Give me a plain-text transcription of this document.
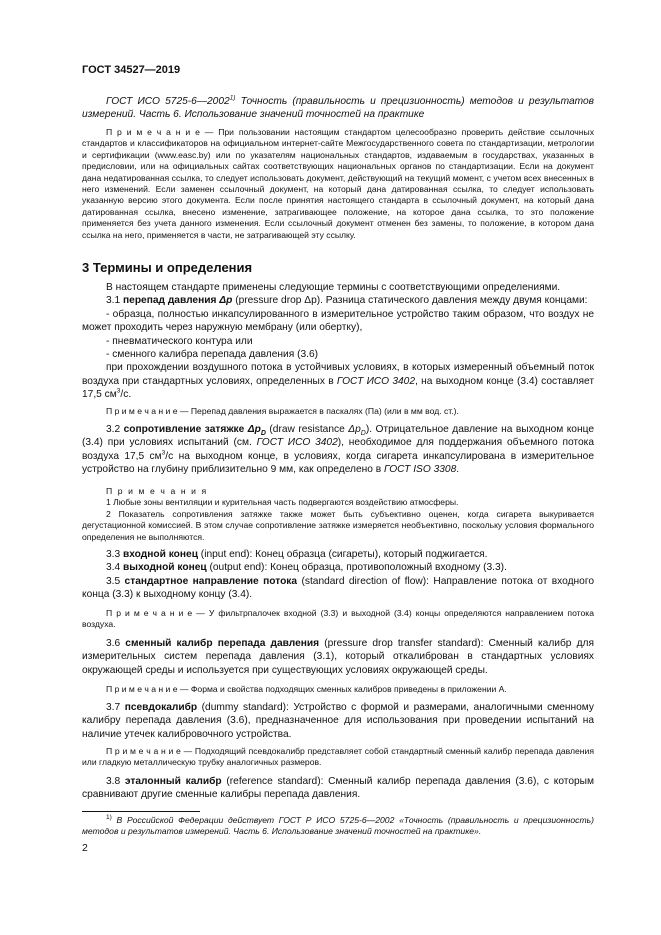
ГОСТ 34527—2019

ГОСТ ИСО 5725-6—2002$^{1)}$ Точность (правильность и прецизионность) методов и результатов измерений. Часть 6. Использование значений точностей на практике

П р и м е ч а н и е — При пользовании настоящим стандартом целесообразно проверить действие ссылочных стандартов и классификаторов на официальном интернет-сайте Межгосударственного совета по стандартизации, метрологии и сертификации (www.easc.by) или по указателям национальных стандартов, издаваемым в государствах, указанных в предисловии, или на официальных сайтах соответствующих национальных органов по стандартизации. Если на документ дана недатированная ссылка, то следует использовать документ, действующий на текущий момент, с учетом всех внесенных в него изменений. Если заменен ссылочный документ, на который дана датированная ссылка, то следует использовать указанную версию этого документа. Если после принятия настоящего стандарта в ссылочный документ, на который дана датированная ссылка, внесено изменение, затрагивающее положение, на которое дана ссылка, то это положение применяется без учета данного изменения. Если ссылочный документ отменен без замены, то положение, в котором дана ссылка на него, применяется в части, не затрагивающей эту ссылку.

3 Термины и определения

В настоящем стандарте применены следующие термины с соответствующими определениями.

3.1 перепад давления Δp (pressure drop Δp). Разница статического давления между двумя концами:

- образца, полностью инкапсулированного в измерительное устройство таким образом, что воздух не может проходить через наружную мембрану (или обертку),

- пневматического контура или

- сменного калибра перепада давления (3.6)

при прохождении воздушного потока в устойчивых условиях, в которых измеренный объемный поток воздуха при стандартных условиях, определенных в ГОСТ ИСО 3402, на выходном конце (3.4) составляет 17,5 $см^3/с$.

П р и м е ч а н и е — Перепад давления выражается в паскалях (Па) (или в мм вод. ст.).

3.2 сопротивление затяжке $\Delta p_D$ (draw resistance $\Delta p_D$). Отрицательное давление на выходном конце (3.4) при условиях испытаний (см. ГОСТ ИСО 3402), необходимое для поддержания объемного потока воздуха 17,5 $см^3/с$ на выходном конце, в условиях, когда сигарета инкапсулирована в измерительное устройство на глубину приблизительно 9 мм, как определено в ГОСТ ISO 3308.

П р и м е ч а н и я

1 Любые зоны вентиляции и курительная часть подвергаются воздействию атмосферы.

2 Показатель сопротивления затяжке также может быть субъективно оценен, когда сигарета выкуривается дегустационной комиссией. В этом случае сопротивление затяжке измеряется необъективно, поскольку условия формального определения не выполняются.

3.3 входной конец (input end): Конец образца (сигареты), который поджигается.

3.4 выходной конец (output end): Конец образца, противоположный входному (3.3).

3.5 стандартное направление потока (standard direction of flow): Направление потока от входного конца (3.3) к выходному концу (3.4).

П р и м е ч а н и е — У фильтрпалочек входной (3.3) и выходной (3.4) концы определяются направлением потока воздуха.

3.6 сменный калибр перепада давления (pressure drop transfer standard): Сменный калибр для измерительных систем перепада давления (3.1), который откалиброван в стандартных условиях окружающей среды и используется при существующих условиях окружающей среды.

П р и м е ч а н и е — Форма и свойства подходящих сменных калибров приведены в приложении А.

3.7 псевдокалибр (dummy standard): Устройство с формой и размерами, аналогичными сменному калибру перепада давления (3.6), предназначенное для использования при проведении испытаний на наличие утечек калибровочного устройства.

П р и м е ч а н и е — Подходящий псевдокалибр представляет собой стандартный сменный калибр перепада давления или гладкую металлическую трубку аналогичных размеров.

3.8 эталонный калибр (reference standard): Сменный калибр перепада давления (3.6), с которым сравнивают другие сменные калибры перепада давления.

$^{1)}$ В Российской Федерации действует ГОСТ Р ИСО 5725-6—2002 «Точность (правильность и прецизионность) методов и результатов измерений. Часть 6. Использование значений точностей на практике».

2
